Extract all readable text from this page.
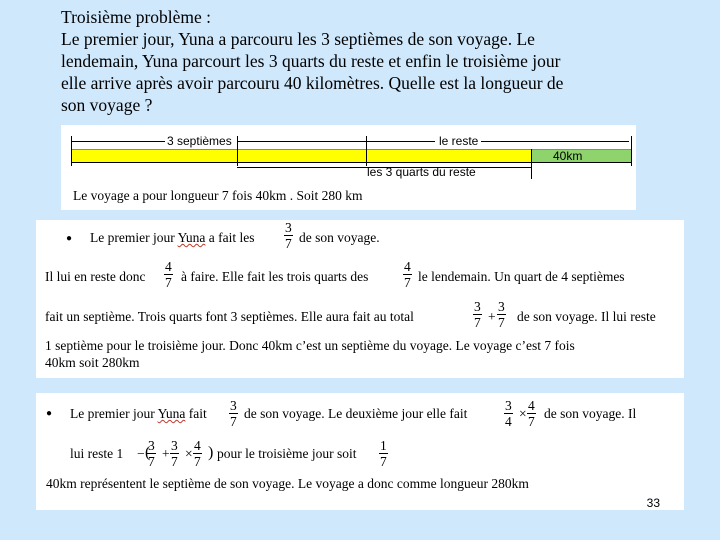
Troisième problème :
Le premier jour, Yuna a parcouru les 3 septièmes de son voyage. Le
lendemain, Yuna parcourt les 3 quarts du reste et enfin le troisième jour
elle arrive après avoir parcouru 40 kilomètres. Quelle est la longueur de
son voyage ?
3 septièmes	le reste
40km
les 3 quarts du reste
Le voyage a pour longueur 7 fois 40km . Soit 280 km
● Le premier jour Yuna a fait les $\frac{3}{7}$ de son voyage.
Il lui en reste donc $\frac{4}{7}$ à faire. Elle fait les trois quarts des	$\frac{4}{7}$ le lendemain. Un quart de 4 septièmes
fait un septième. Trois quarts font 3 septièmes. Elle aura fait au total	$\frac{3}{7} + \frac{3}{7}$ de son voyage. Il lui reste
1 septième pour le troisième jour. Donc 40km c’est un septième du voyage. Le voyage c’est 7 fois
40km soit 280km
● Le premier jour Yuna fait $\frac{3}{7}$ de son voyage. Le deuxième jour elle fait	$\frac{3}{4} \times \frac{4}{7}$ de son voyage. Il
lui reste 1 − (
$\frac{3}{7} + \frac{3}{7} \times \frac{4}{7}$ ) pour le troisième jour soit $\frac{1}{7}$
40km représentent le septième de son voyage. Le voyage a donc comme longueur 280km
33
